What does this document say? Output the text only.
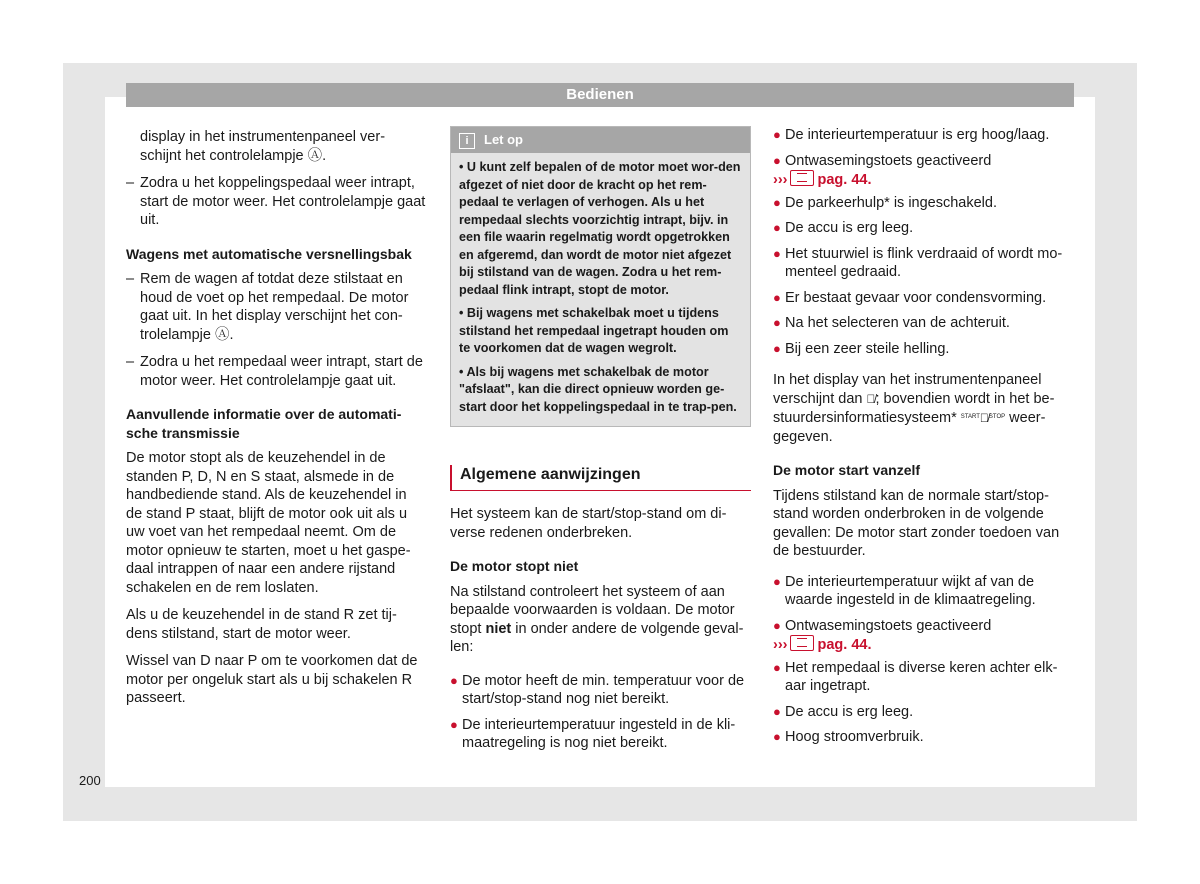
Bedienen
display in het instrumentenpaneel ver-schijnt het controlelampje Ⓐ.
– Zodra u het koppelingspedaal weer intrapt, start de motor weer. Het controlelampje gaat uit.
Wagens met automatische versnellingsbak
– Rem de wagen af totdat deze stilstaat en houd de voet op het rempedaal. De motor gaat uit. In het display verschijnt het con-trolelampje Ⓐ.
– Zodra u het rempedaal weer intrapt, start de motor weer. Het controlelampje gaat uit.
Aanvullende informatie over de automati-sche transmissie

De motor stopt als de keuzehendel in de standen P, D, N en S staat, alsmede in de handbediende stand. Als de keuzehendel in de stand P staat, blijft de motor ook uit als u uw voet van het rempedaal neemt. Om de motor opnieuw te starten, moet u het gaspe-daal intrappen of naar een andere rijstand schakelen en de rem loslaten.

Als u de keuzehendel in de stand R zet tij-dens stilstand, start de motor weer.

Wissel van D naar P om te voorkomen dat de motor per ongeluk start als u bij schakelen R passeert.

i Let op
• U kunt zelf bepalen of de motor moet wor-den afgezet of niet door de kracht op het rem-pedaal te verlagen of verhogen. Als u het rempedaal slechts voorzichtig intrapt, bijv. in een file waarin regelmatig wordt opgetrokken en afgeremd, dan wordt de motor niet afgezet bij stilstand van de wagen. Zodra u het rem-pedaal flink intrapt, stopt de motor.
• Bij wagens met schakelbak moet u tijdens stilstand het rempedaal ingetrapt houden om te voorkomen dat de wagen wegrolt.
• Als bij wagens met schakelbak de motor "afslaat", kan die direct opnieuw worden ge-start door het koppelingspedaal in te trap-pen.
Algemene aanwijzingen

Het systeem kan de start/stop-stand om di-verse redenen onderbreken.

De motor stopt niet

Na stilstand controleert het systeem of aan bepaalde voorwaarden is voldaan. De motor stopt niet in onder andere de volgende geval-len:

● De motor heeft de min. temperatuur voor de start/stop-stand nog niet bereikt.
● De interieurtemperatuur ingesteld in de kli-maatregeling is nog niet bereikt.
● De interieurtemperatuur is erg hoog/laag.
● Ontwasemingstoets geactiveerd
››› pag. 44.
● De parkeerhulp* is ingeschakeld.
● De accu is erg leeg.
● Het stuurwiel is flink verdraaid of wordt mo-menteel gedraaid.
● Er bestaat gevaar voor condensvorming.
● Na het selecteren van de achteruit.
● Bij een zeer steile helling.

In het display van het instrumentenpaneel verschijnt dan Ⓐ̸; bovendien wordt in het be-stuurdersinformatiesysteem* $^{START}$Ⓐ̸$^{STOP}$ weer-gegeven.

De motor start vanzelf

Tijdens stilstand kan de normale start/stop-stand worden onderbroken in de volgende gevallen: De motor start zonder toedoen van de bestuurder.

● De interieurtemperatuur wijkt af van de waarde ingesteld in de klimaatregeling.
● Ontwasemingstoets geactiveerd
››› pag. 44.
● Het rempedaal is diverse keren achter elk-aar ingetrapt.
● De accu is erg leeg.
● Hoog stroomverbruik.
200
